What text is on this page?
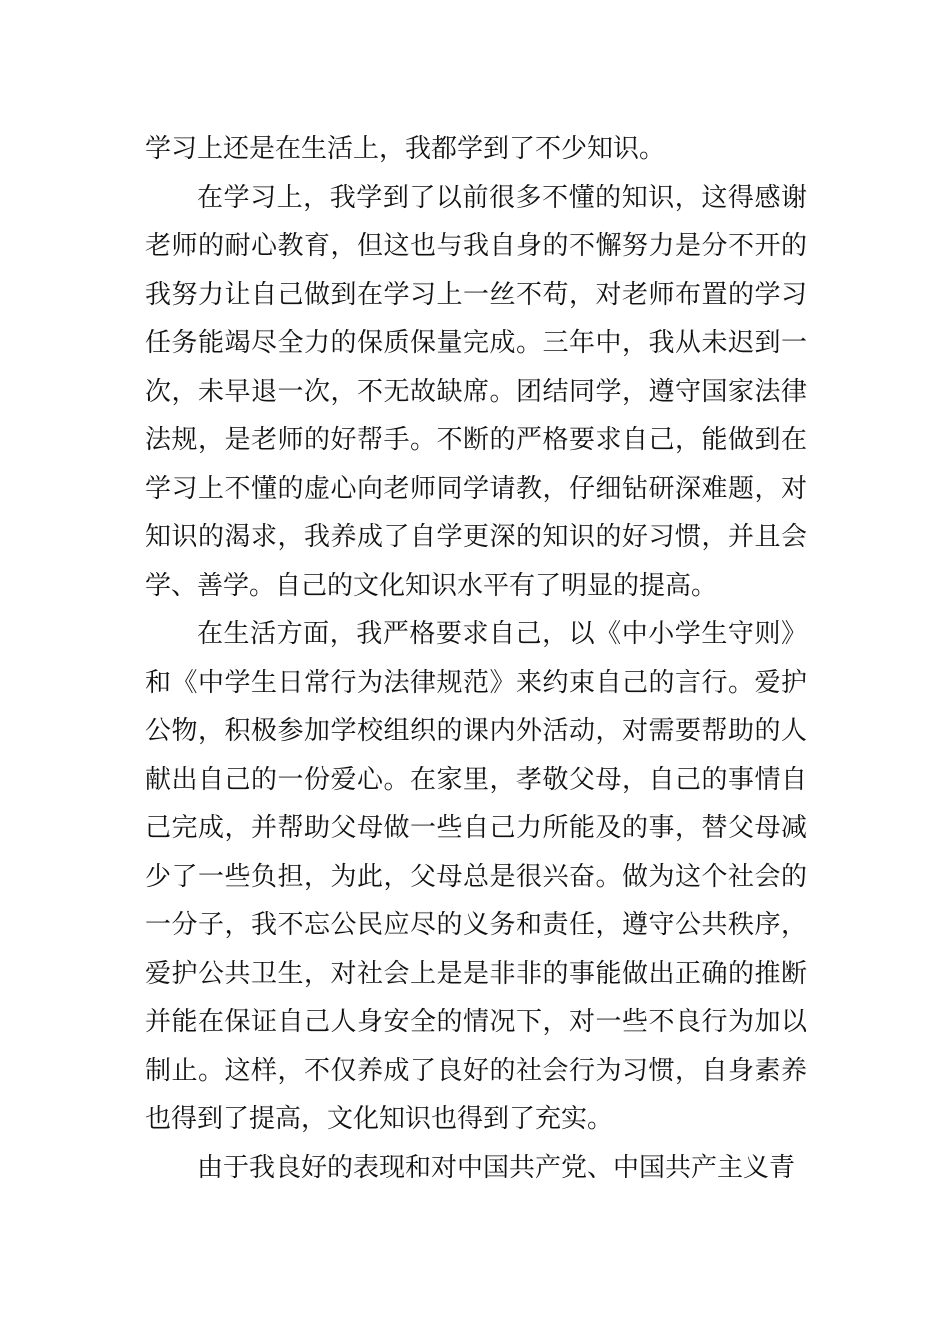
学习上还是在生活上，我都学到了不少知识。

在学习上，我学到了以前很多不懂的知识，这得感谢老师的耐心教育，但这也与我自身的不懈努力是分不开的我努力让自己做到在学习上一丝不苟，对老师布置的学习任务能竭尽全力的保质保量完成。三年中，我从未迟到一次，未早退一次，不无故缺席。团结同学，遵守国家法律法规，是老师的好帮手。不断的严格要求自己，能做到在学习上不懂的虚心向老师同学请教，仔细钻研深难题，对知识的渴求，我养成了自学更深的知识的好习惯，并且会学、善学。自己的文化知识水平有了明显的提高。

在生活方面，我严格要求自己，以《中小学生守则》和《中学生日常行为法律规范》来约束自己的言行。爱护公物，积极参加学校组织的课内外活动，对需要帮助的人献出自己的一份爱心。在家里，孝敬父母，自己的事情自己完成，并帮助父母做一些自己力所能及的事，替父母减少了一些负担，为此，父母总是很兴奋。做为这个社会的一分子，我不忘公民应尽的义务和责任，遵守公共秩序，爱护公共卫生，对社会上是是非非的事能做出正确的推断并能在保证自己人身安全的情况下，对一些不良行为加以制止。这样，不仅养成了良好的社会行为习惯，自身素养也得到了提高，文化知识也得到了充实。

由于我良好的表现和对中国共产党、中国共产主义青
